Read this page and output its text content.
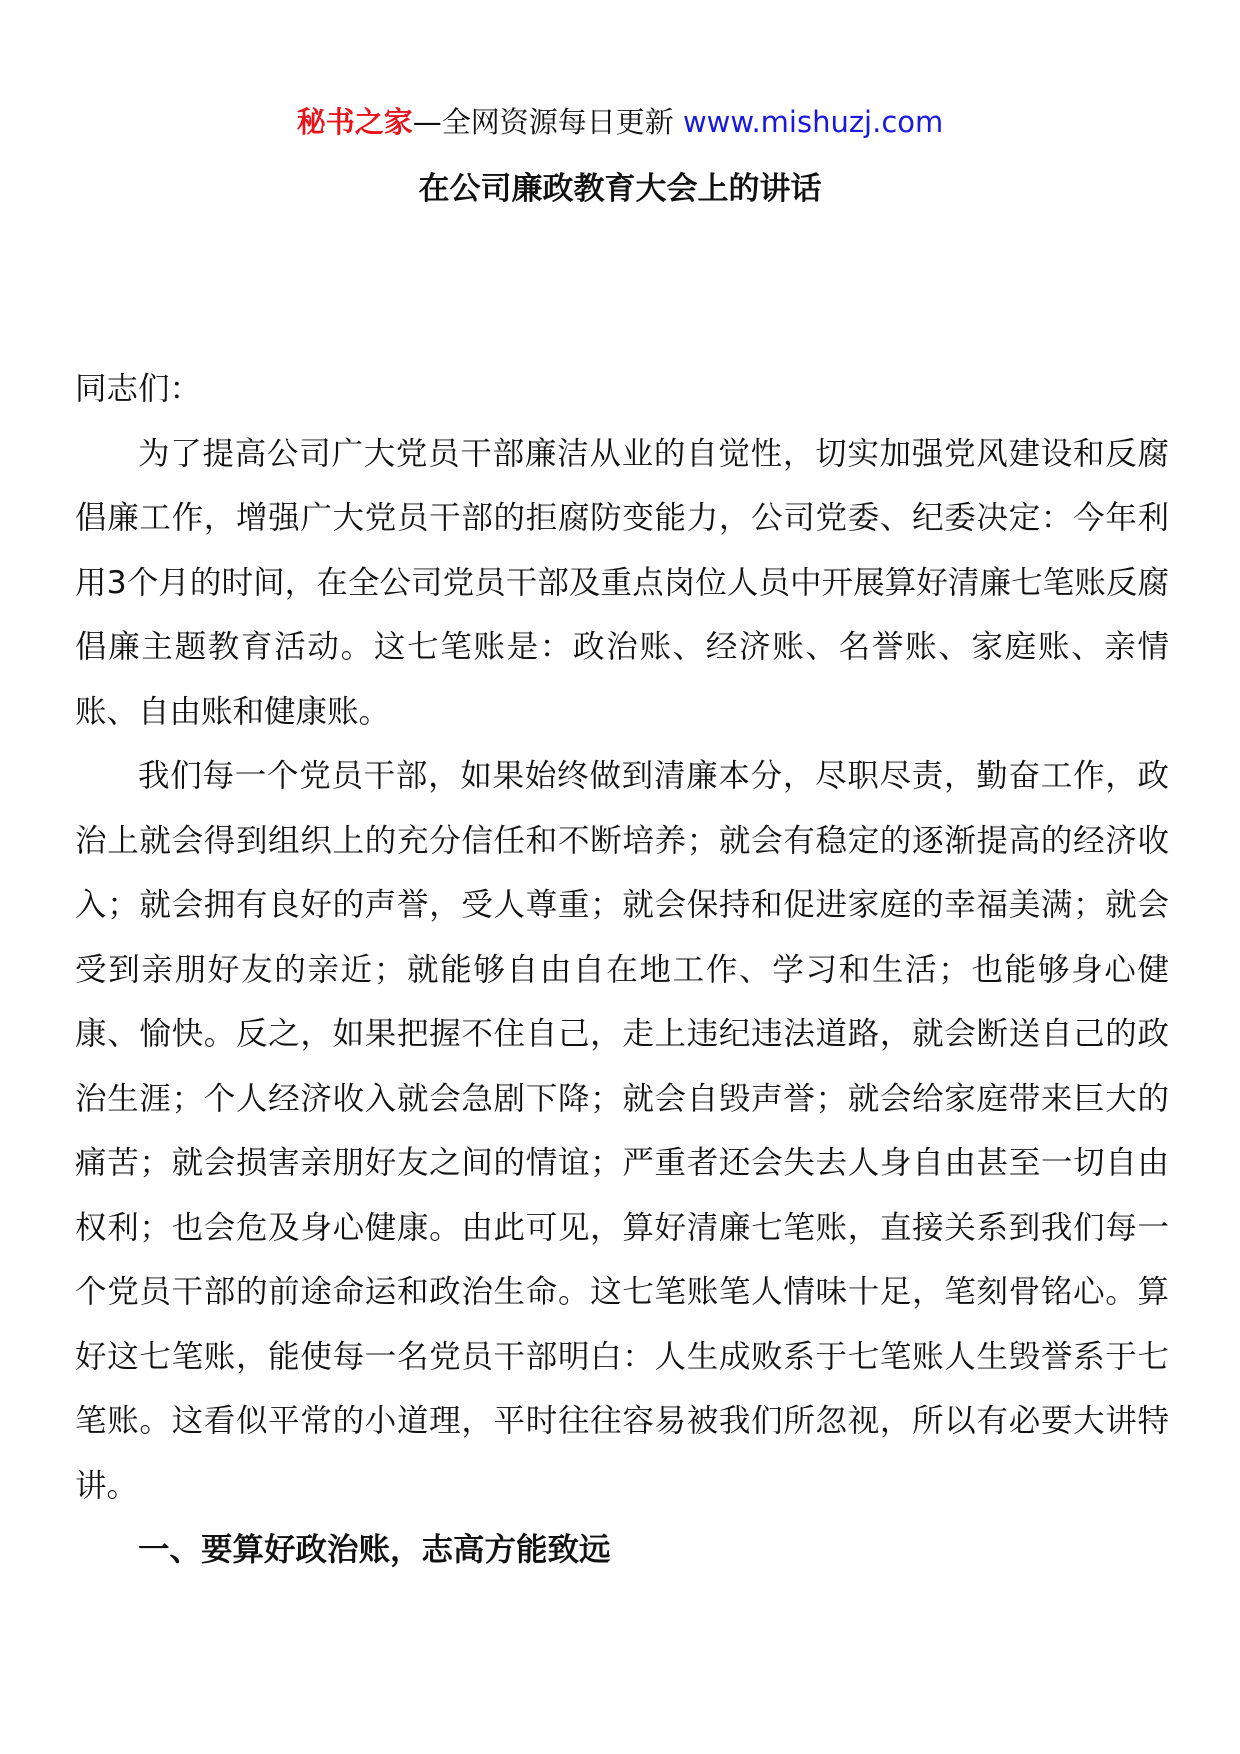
秘书之家—全网资源每日更新 www.mishuzj.com
在公司廉政教育大会上的讲话

同志们：

为了提高公司广大党员干部廉洁从业的自觉性，切实加强党风建设和反腐倡廉工作，增强广大党员干部的拒腐防变能力，公司党委、纪委决定：今年利用3个月的时间，在全公司党员干部及重点岗位人员中开展算好清廉七笔账反腐倡廉主题教育活动。这七笔账是：政治账、经济账、名誉账、家庭账、亲情账、自由账和健康账。

我们每一个党员干部，如果始终做到清廉本分，尽职尽责，勤奋工作，政治上就会得到组织上的充分信任和不断培养；就会有稳定的逐渐提高的经济收入；就会拥有良好的声誉，受人尊重；就会保持和促进家庭的幸福美满；就会受到亲朋好友的亲近；就能够自由自在地工作、学习和生活；也能够身心健康、愉快。反之，如果把握不住自己，走上违纪违法道路，就会断送自己的政治生涯；个人经济收入就会急剧下降；就会自毁声誉；就会给家庭带来巨大的痛苦；就会损害亲朋好友之间的情谊；严重者还会失去人身自由甚至一切自由权利；也会危及身心健康。由此可见，算好清廉七笔账，直接关系到我们每一个党员干部的前途命运和政治生命。这七笔账笔人情味十足，笔刻骨铭心。算好这七笔账，能使每一名党员干部明白：人生成败系于七笔账人生毁誉系于七笔账。这看似平常的小道理，平时往往容易被我们所忽视，所以有必要大讲特讲。

一、要算好政治账，志高方能致远
